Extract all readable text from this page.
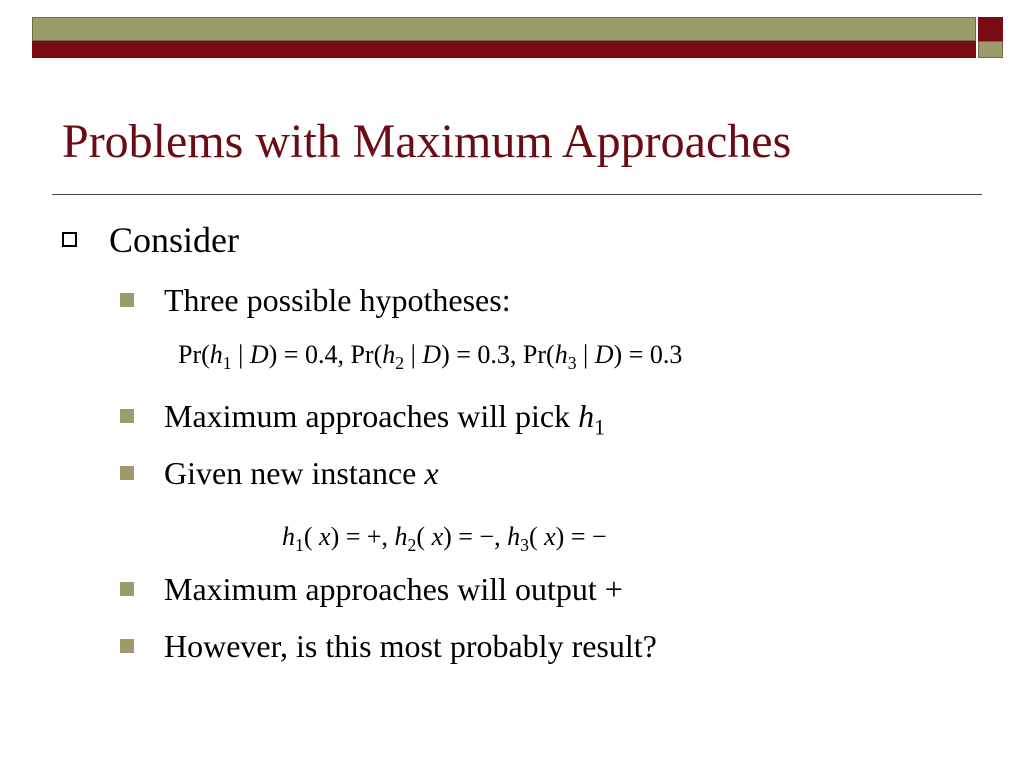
Problems with Maximum Approaches
Consider
Three possible hypotheses:
$Pr(h_1$ | D) = 0.4, $Pr(h_2$ | D) = 0.3, $Pr(h_3$ | D) = 0.3
Maximum approaches will pick $h_1$
Given new instance x
$h_1$( x) = +, $h_2$( x) = −, $h_3$( x) = −
Maximum approaches will output +
However, is this most probably result?
